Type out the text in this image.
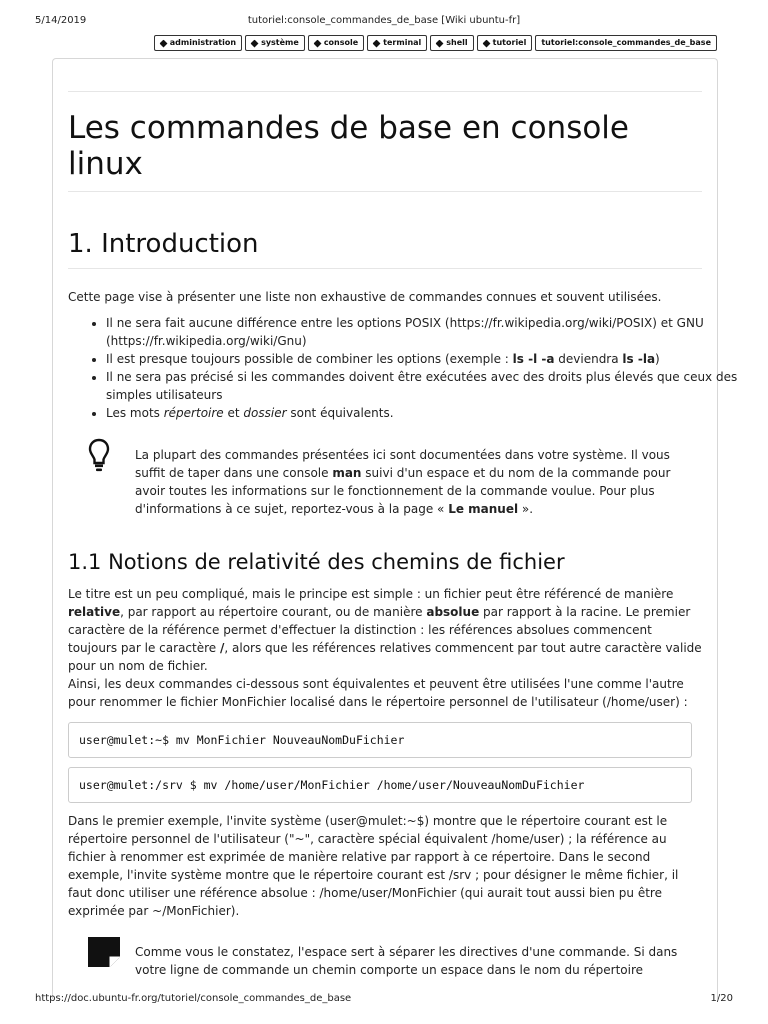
5/14/2019	tutoriel:console_commandes_de_base [Wiki ubuntu-fr]
administration	système	console	terminal	shell	tutoriel tutoriel:console_commandes_de_base
Les commandes de base en console linux
1. Introduction

Cette page vise à présenter une liste non exhaustive de commandes connues et souvent utilisées.

• Il ne sera fait aucune différence entre les options POSIX (https://fr.wikipedia.org/wiki/POSIX) et GNU (https://fr.wikipedia.org/wiki/Gnu)
• Il est presque toujours possible de combiner les options (exemple : ls -l -a deviendra ls -la)
• Il ne sera pas précisé si les commandes doivent être exécutées avec des droits plus élevés que ceux des simples utilisateurs
• Les mots répertoire et dossier sont équivalents.

La plupart des commandes présentées ici sont documentées dans votre système. Il vous suffit de taper dans une console man suivi d'un espace et du nom de la commande pour avoir toutes les informations sur le fonctionnement de la commande voulue. Pour plus d'informations à ce sujet, reportez-vous à la page « Le manuel ».

1.1 Notions de relativité des chemins de fichier

Le titre est un peu compliqué, mais le principe est simple : un fichier peut être référencé de manière relative, par rapport au répertoire courant, ou de manière absolue par rapport à la racine. Le premier caractère de la référence permet d'effectuer la distinction : les références absolues commencent toujours par le caractère /, alors que les références relatives commencent par tout autre caractère valide pour un nom de fichier.
Ainsi, les deux commandes ci-dessous sont équivalentes et peuvent être utilisées l'une comme l'autre pour renommer le fichier MonFichier localisé dans le répertoire personnel de l'utilisateur (/home/user) :

user@mulet:~$ mv MonFichier NouveauNomDuFichier
user@mulet:/srv $ mv /home/user/MonFichier /home/user/NouveauNomDuFichier

Dans le premier exemple, l'invite système (user@mulet:~$) montre que le répertoire courant est le répertoire personnel de l'utilisateur ("~", caractère spécial équivalent /home/user) ; la référence au fichier à renommer est exprimée de manière relative par rapport à ce répertoire. Dans le second exemple, l'invite système montre que le répertoire courant est /srv ; pour désigner le même fichier, il faut donc utiliser une référence absolue : /home/user/MonFichier (qui aurait tout aussi bien pu être exprimée par ~/MonFichier).

Comme vous le constatez, l'espace sert à séparer les directives d'une commande. Si dans votre ligne de commande un chemin comporte un espace dans le nom du répertoire

https://doc.ubuntu-fr.org/tutoriel/console_commandes_de_base	1/20
